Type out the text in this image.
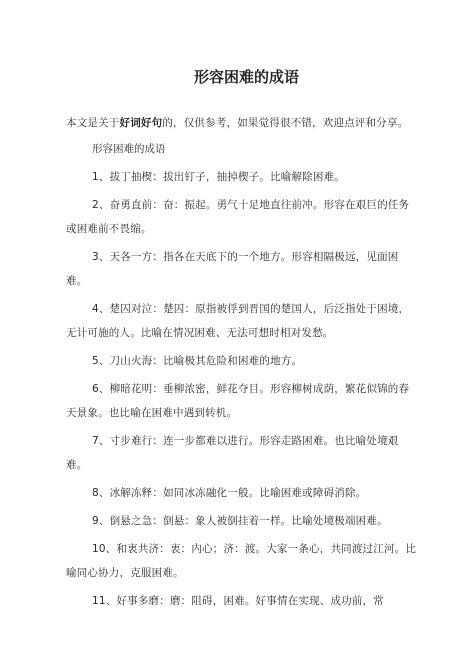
形容困难的成语

本文是关于好词好句的，仅供参考，如果觉得很不错，欢迎点评和分享。

形容困难的成语

1、拔丁抽楔：拔出钉子，抽掉楔子。比喻解除困难。

2、奋勇直前：奋：振起。勇气十足地直往前冲。形容在艰巨的任务或困难前不畏缩。

3、天各一方：指各在天底下的一个地方。形容相隔极远，见面困难。

4、楚囚对泣：楚囚：原指被俘到晋国的楚国人，后泛指处于困境，无计可施的人。比喻在情况困难、无法可想时相对发愁。

5、刀山火海：比喻极其危险和困难的地方。

6、柳暗花明：垂柳浓密，鲜花夺目。形容柳树成荫，繁花似锦的春天景象。也比喻在困难中遇到转机。

7、寸步难行：连一步都难以进行。形容走路困难。也比喻处境艰难。

8、冰解冻释：如同冰冻融化一般。比喻困难或障碍消除。

9、倒悬之急：倒悬：象人被倒挂着一样。比喻处境极端困难。

10、和衷共济：衷：内心；济：渡。大家一条心，共同渡过江河。比喻同心协力，克服困难。

11、好事多磨：磨：阻碍，困难。好事情在实现、成功前，常
